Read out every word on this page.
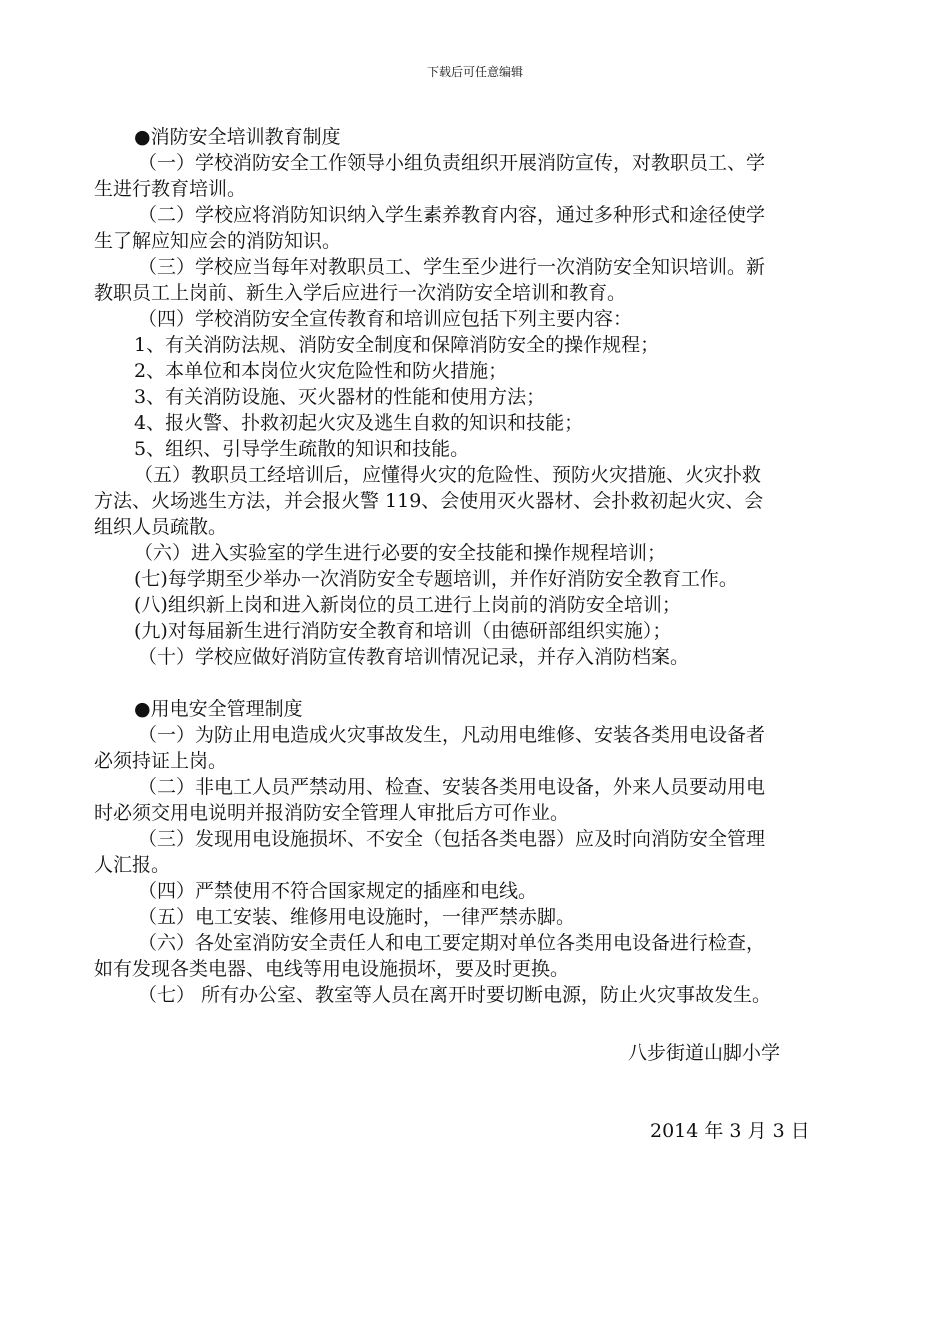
下载后可任意编辑
●消防安全培训教育制度
（一）学校消防安全工作领导小组负责组织开展消防宣传，对教职员工、学
生进行教育培训。
（二）学校应将消防知识纳入学生素养教育内容，通过多种形式和途径使学
生了解应知应会的消防知识。
（三）学校应当每年对教职员工、学生至少进行一次消防安全知识培训。新
教职员工上岗前、新生入学后应进行一次消防安全培训和教育。
（四）学校消防安全宣传教育和培训应包括下列主要内容：
1、有关消防法规、消防安全制度和保障消防安全的操作规程；
2、本单位和本岗位火灾危险性和防火措施；
3、有关消防设施、灭火器材的性能和使用方法；
4、报火警、扑救初起火灾及逃生自救的知识和技能；
5、组织、引导学生疏散的知识和技能。
（五）教职员工经培训后，应懂得火灾的危险性、预防火灾措施、火灾扑救
方法、火场逃生方法，并会报火警 119、会使用灭火器材、会扑救初起火灾、会
组织人员疏散。
（六）进入实验室的学生进行必要的安全技能和操作规程培训；
(七)每学期至少举办一次消防安全专题培训，并作好消防安全教育工作。
(八)组织新上岗和进入新岗位的员工进行上岗前的消防安全培训；
(九)对每届新生进行消防安全教育和培训（由德研部组织实施）；
（十）学校应做好消防宣传教育培训情况记录，并存入消防档案。
●用电安全管理制度
（一）为防止用电造成火灾事故发生，凡动用电维修、安装各类用电设备者
必须持证上岗。
（二）非电工人员严禁动用、检查、安装各类用电设备，外来人员要动用电
时必须交用电说明并报消防安全管理人审批后方可作业。
（三）发现用电设施损坏、不安全（包括各类电器）应及时向消防安全管理
人汇报。
（四）严禁使用不符合国家规定的插座和电线。
（五）电工安装、维修用电设施时，一律严禁赤脚。
（六）各处室消防安全责任人和电工要定期对单位各类用电设备进行检查，
如有发现各类电器、电线等用电设施损坏，要及时更换。
（七） 所有办公室、教室等人员在离开时要切断电源，防止火灾事故发生。
八步街道山脚小学
2014 年 3 月 3 日
